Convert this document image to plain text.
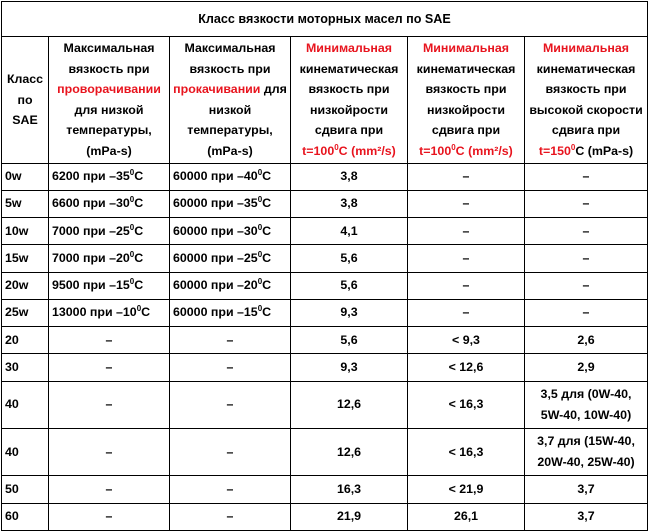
Класс вязкости моторных масел по SAE					
Класс по SAE	Максимальная вязкость при проворачивании для низкой температуры, (mPa-s)	Максимальная вязкость при прокачивании для низкой температуры, (mPa-s)	Минимальная кинематическая вязкость при низкойрости сдвига при $t=100^0C$ (mm²/s)	Минимальная кинематическая вязкость при низкойрости сдвига при $t=100^0C$ (mm²/s)	Минимальная кинематическая вязкость при высокой скорости сдвига при $t=150^0C$ (mPa-s)
0w	6200 при $-35^0C$	60000 при $-40^0C$	3,8	–	–
5w	6600 при $-30^0C$	60000 при $-35^0C$	3,8	–	–
10w	7000 при $-25^0C$	60000 при $-30^0C$	4,1	–	–
15w	7000 при $-20^0C$	60000 при $-25^0C$	5,6	–	–
20w	9500 при $-15^0C$	60000 при $-20^0C$	5,6	–	–
25w	13000 при $-10^0C$	60000 при $-15^0C$	9,3	–	–
20	–	–	5,6	< 9,3	2,6
30	–	–	9,3	< 12,6	2,9
40	–	–	12,6	< 16,3	3,5 для (0W-40,
5W-40, 10W-40)
40	–	–	12,6	< 16,3	3,7 для (15W-40,
20W-40, 25W-40)
50	–	–	16,3	< 21,9	3,7
60	–	–	21,9	26,1	3,7
